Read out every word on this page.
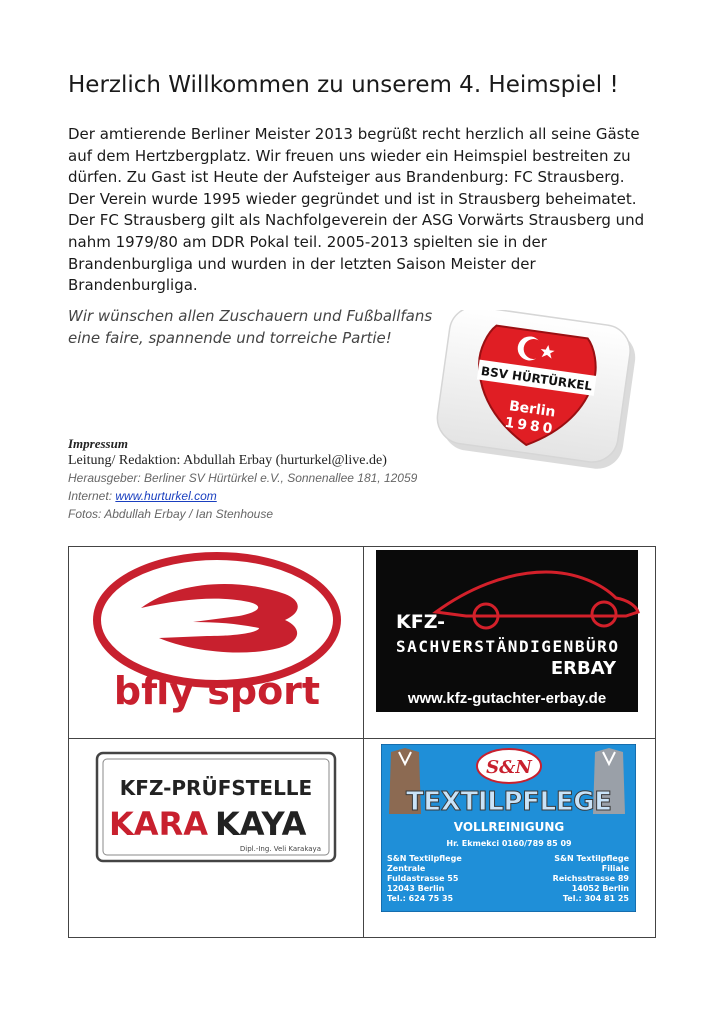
Herzlich Willkommen zu unserem 4. Heimspiel !
Der amtierende Berliner Meister 2013 begrüßt recht herzlich all seine Gäste
auf dem Hertzbergplatz. Wir freuen uns wieder ein Heimspiel bestreiten zu
dürfen. Zu Gast ist Heute der Aufsteiger aus Brandenburg: FC Strausberg.
Der Verein wurde 1995 wieder gegründet und ist in Strausberg beheimatet.
Der FC Strausberg gilt als Nachfolgeverein der ASG Vorwärts Strausberg und
nahm 1979/80 am DDR Pokal teil. 2005-2013 spielten sie in der
Brandenburgliga und wurden in der letzten Saison Meister der
Brandenburgliga.
Wir wünschen allen Zuschauern und Fußballfans
eine faire, spannende und torreiche Partie!
BSV HÜRTÜRKEL
Berlin
1980
Impressum
Leitung/ Redaktion: Abdullah Erbay (hurturkel@live.de)
Herausgeber: Berliner SV Hürtürkel e.V., Sonnenallee 181, 12059
Internet: www.hurturkel.com
Fotos: Abdullah Erbay / Ian Stenhouse
bfly sport
KFZ-
SACHVERSTÄNDIGENBÜRO
ERBAY
www.kfz-gutachter-erbay.de
KFZ-PRÜFSTELLE
KARA KAYA
Dipl.-Ing. Veli Karakaya
S&N
TEXTILPFLEGE
VOLLREINIGUNG
Hr. Ekmekci 0160/789 85 09
S&N Textilpflege
Zentrale
Fuldastrasse 55
12043 Berlin
Tel.: 624 75 35
S&N Textilpflege
Filiale
Reichsstrasse 89
14052 Berlin
Tel.: 304 81 25
